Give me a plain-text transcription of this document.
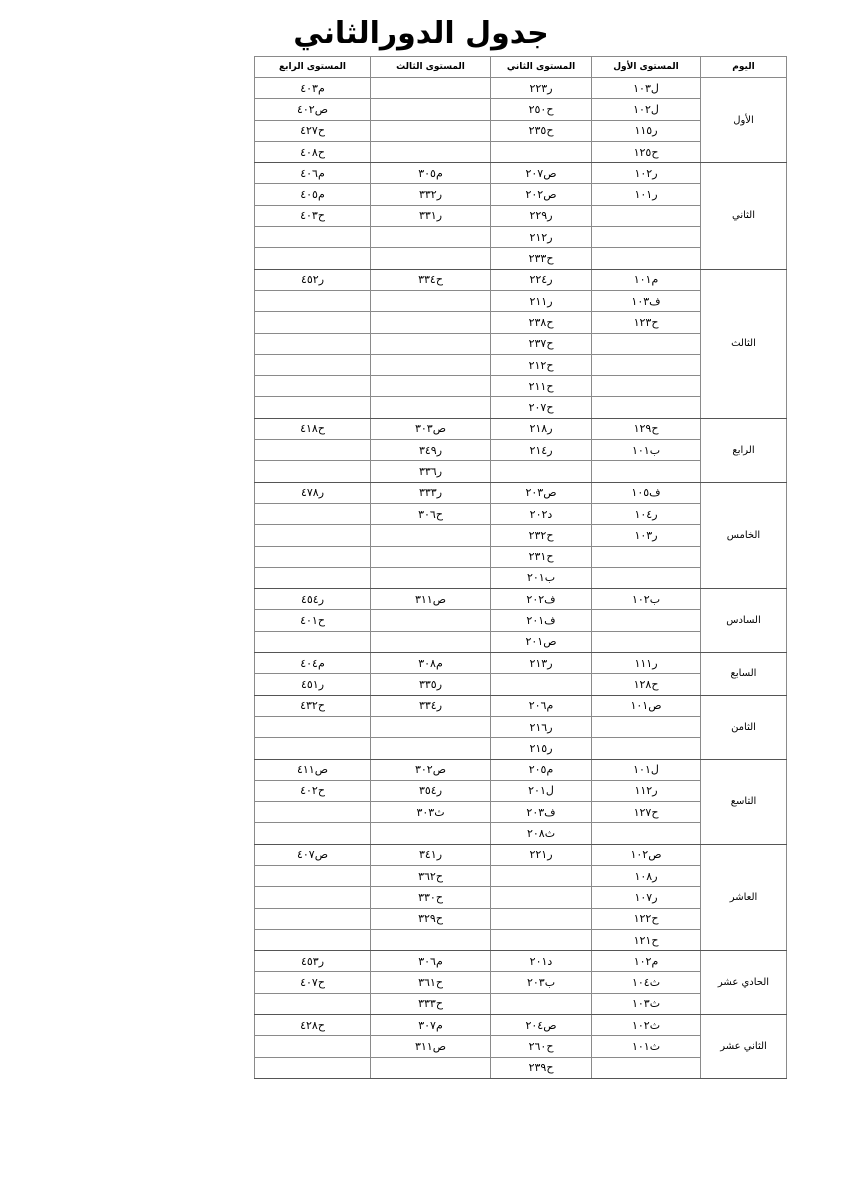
جدول الدورالثاني
اليوم	المستوى الأول	المستوى الثاني	المستوى الثالث	المستوى الرابع
الأول	ل١٠٣	ر٢٢٣		م٤٠٣
	ل١٠٢	ح٢٥٠		ص٤٠٢
	ر١١٥	ح٢٣٥		ح٤٢٧
	ح١٢٥			ح٤٠٨
الثاني	ر١٠٢	ص٢٠٧	م٣٠٥	م٤٠٦
	ر١٠١	ص٢٠٢	ر٣٣٢	م٤٠٥
		ر٢٢٩	ر٣٣١	ح٤٠٣
		ر٢١٢		
		ح٢٣٣		
الثالث	م١٠١	ر٢٢٤	ح٣٣٤	ر٤٥٢
	ف١٠٣	ر٢١١		
	ح١٢٣	ح٢٣٨		
		ح٢٣٧		
		ح٢١٢		
		ح٢١١		
		ح٢٠٧		
الرابع	ح١٢٩	ر٢١٨	ص٣٠٣	ح٤١٨
	ب١٠١	ر٢١٤	ر٣٤٩	
			ر٣٣٦	
الخامس	ف١٠٥	ص٢٠٣	ر٣٣٣	ر٤٧٨
	ر١٠٤	د٢٠٢	ح٣٠٦	
	ر١٠٣	ح٢٣٢		
		ح٢٣١		
		ب٢٠١		
السادس	ب١٠٢	ف٢٠٢	ص٣١١	ر٤٥٤
		ف٢٠١		ح٤٠١
		ص٢٠١		
السابع	ر١١١	ر٢١٣	م٣٠٨	م٤٠٤
	ح١٢٨		ر٣٣٥	ر٤٥١
الثامن	ص١٠١	م٢٠٦	ر٣٣٤	ح٤٣٢
		ر٢١٦		
		ر٢١٥		
التاسع	ل١٠١	م٢٠٥	ص٣٠٢	ص٤١١
	ر١١٢	ل٢٠١	ر٣٥٤	ح٤٠٢
	ح١٢٧	ف٢٠٣	ث٣٠٣	
		ث٢٠٨		
العاشر	ص١٠٢	ر٢٢١	ر٣٤١	ص٤٠٧
	ر١٠٨		ح٣٦٢	
	ر١٠٧		ح٣٣٠	
	ح١٢٢		ح٣٢٩	
	ح١٢١			
الحادي عشر	م١٠٢	د٢٠١	م٣٠٦	ر٤٥٣
	ث١٠٤	ب٢٠٣	ح٣٦١	ح٤٠٧
	ث١٠٣		ح٣٣٣	
الثاني عشر	ث١٠٢	ص٢٠٤	م٣٠٧	ح٤٢٨
	ث١٠١	ح٢٦٠	ص٣١١	
		ح٢٣٩		
